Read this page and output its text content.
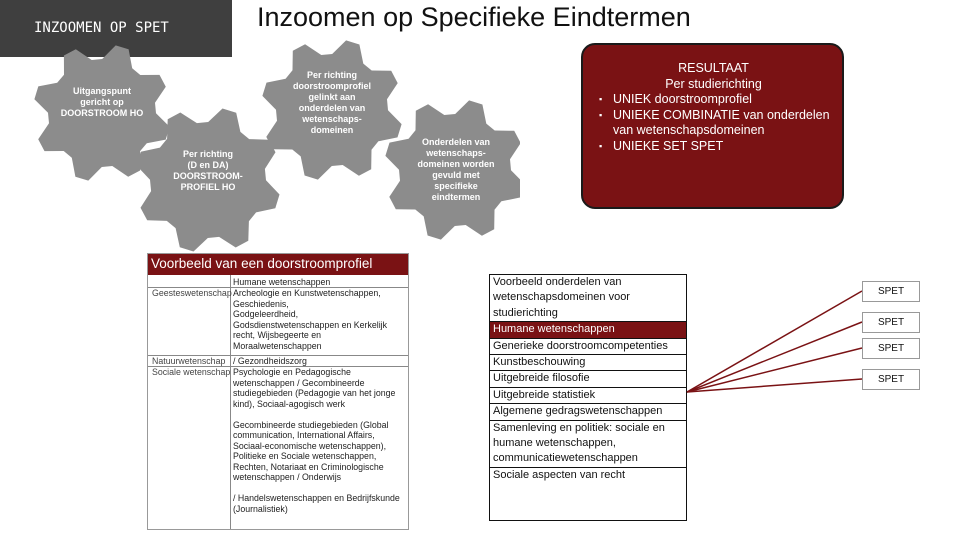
INZOOMEN OP SPET	Inzoomen op Specifieke Eindtermen
Uitgangspunt
gericht op
DOORSTROOM HO
Per richting
doorstroomprofiel
gelinkt aan
onderdelen van
wetenschaps-
domeinen
Per richting
(D en DA)
DOORSTROOM-
PROFIEL HO
Onderdelen van
wetenschaps-
domeinen worden
gevuld met
specifieke
eindtermen
RESULTAAT
Per studierichting
▪ UNIEK doorstroomprofiel
▪ UNIEKE COMBINATIE van onderdelen van wetenschapsdomeinen
▪ UNIEKE SET SPET
Voorbeeld van een doorstroomprofiel
Humane wetenschappen
Geesteswetenschap Archeologie en Kunstwetenschappen,
Geschiedenis,
Godgeleerdheid,
Godsdienstwetenschappen en Kerkelijk
recht, Wijsbegeerte en
Moraalwetenschappen
Natuurwetenschap / Gezondheidszorg
Sociale wetenschap Psychologie en Pedagogische
wetenschappen / Gecombineerde
studiegebieden (Pedagogie van het jonge
kind), Sociaal-agogisch werk

Gecombineerde studiegebieden (Global
communication, International Affairs,
Sociaal-economische wetenschappen),
Politieke en Sociale wetenschappen,
Rechten, Notariaat en Criminologische
wetenschappen / Onderwijs

/ Handelswetenschappen en Bedrijfskunde
(Journalistiek)
Voorbeeld onderdelen van wetenschapsdomeinen voor studierichting
Humane wetenschappen
Generieke doorstroomcompetenties
Kunstbeschouwing
Uitgebreide filosofie
Uitgebreide statistiek
Algemene gedragswetenschappen
Samenleving en politiek: sociale en humane wetenschappen, communicatiewetenschappen
Sociale aspecten van recht
SPET
SPET
SPET
SPET
